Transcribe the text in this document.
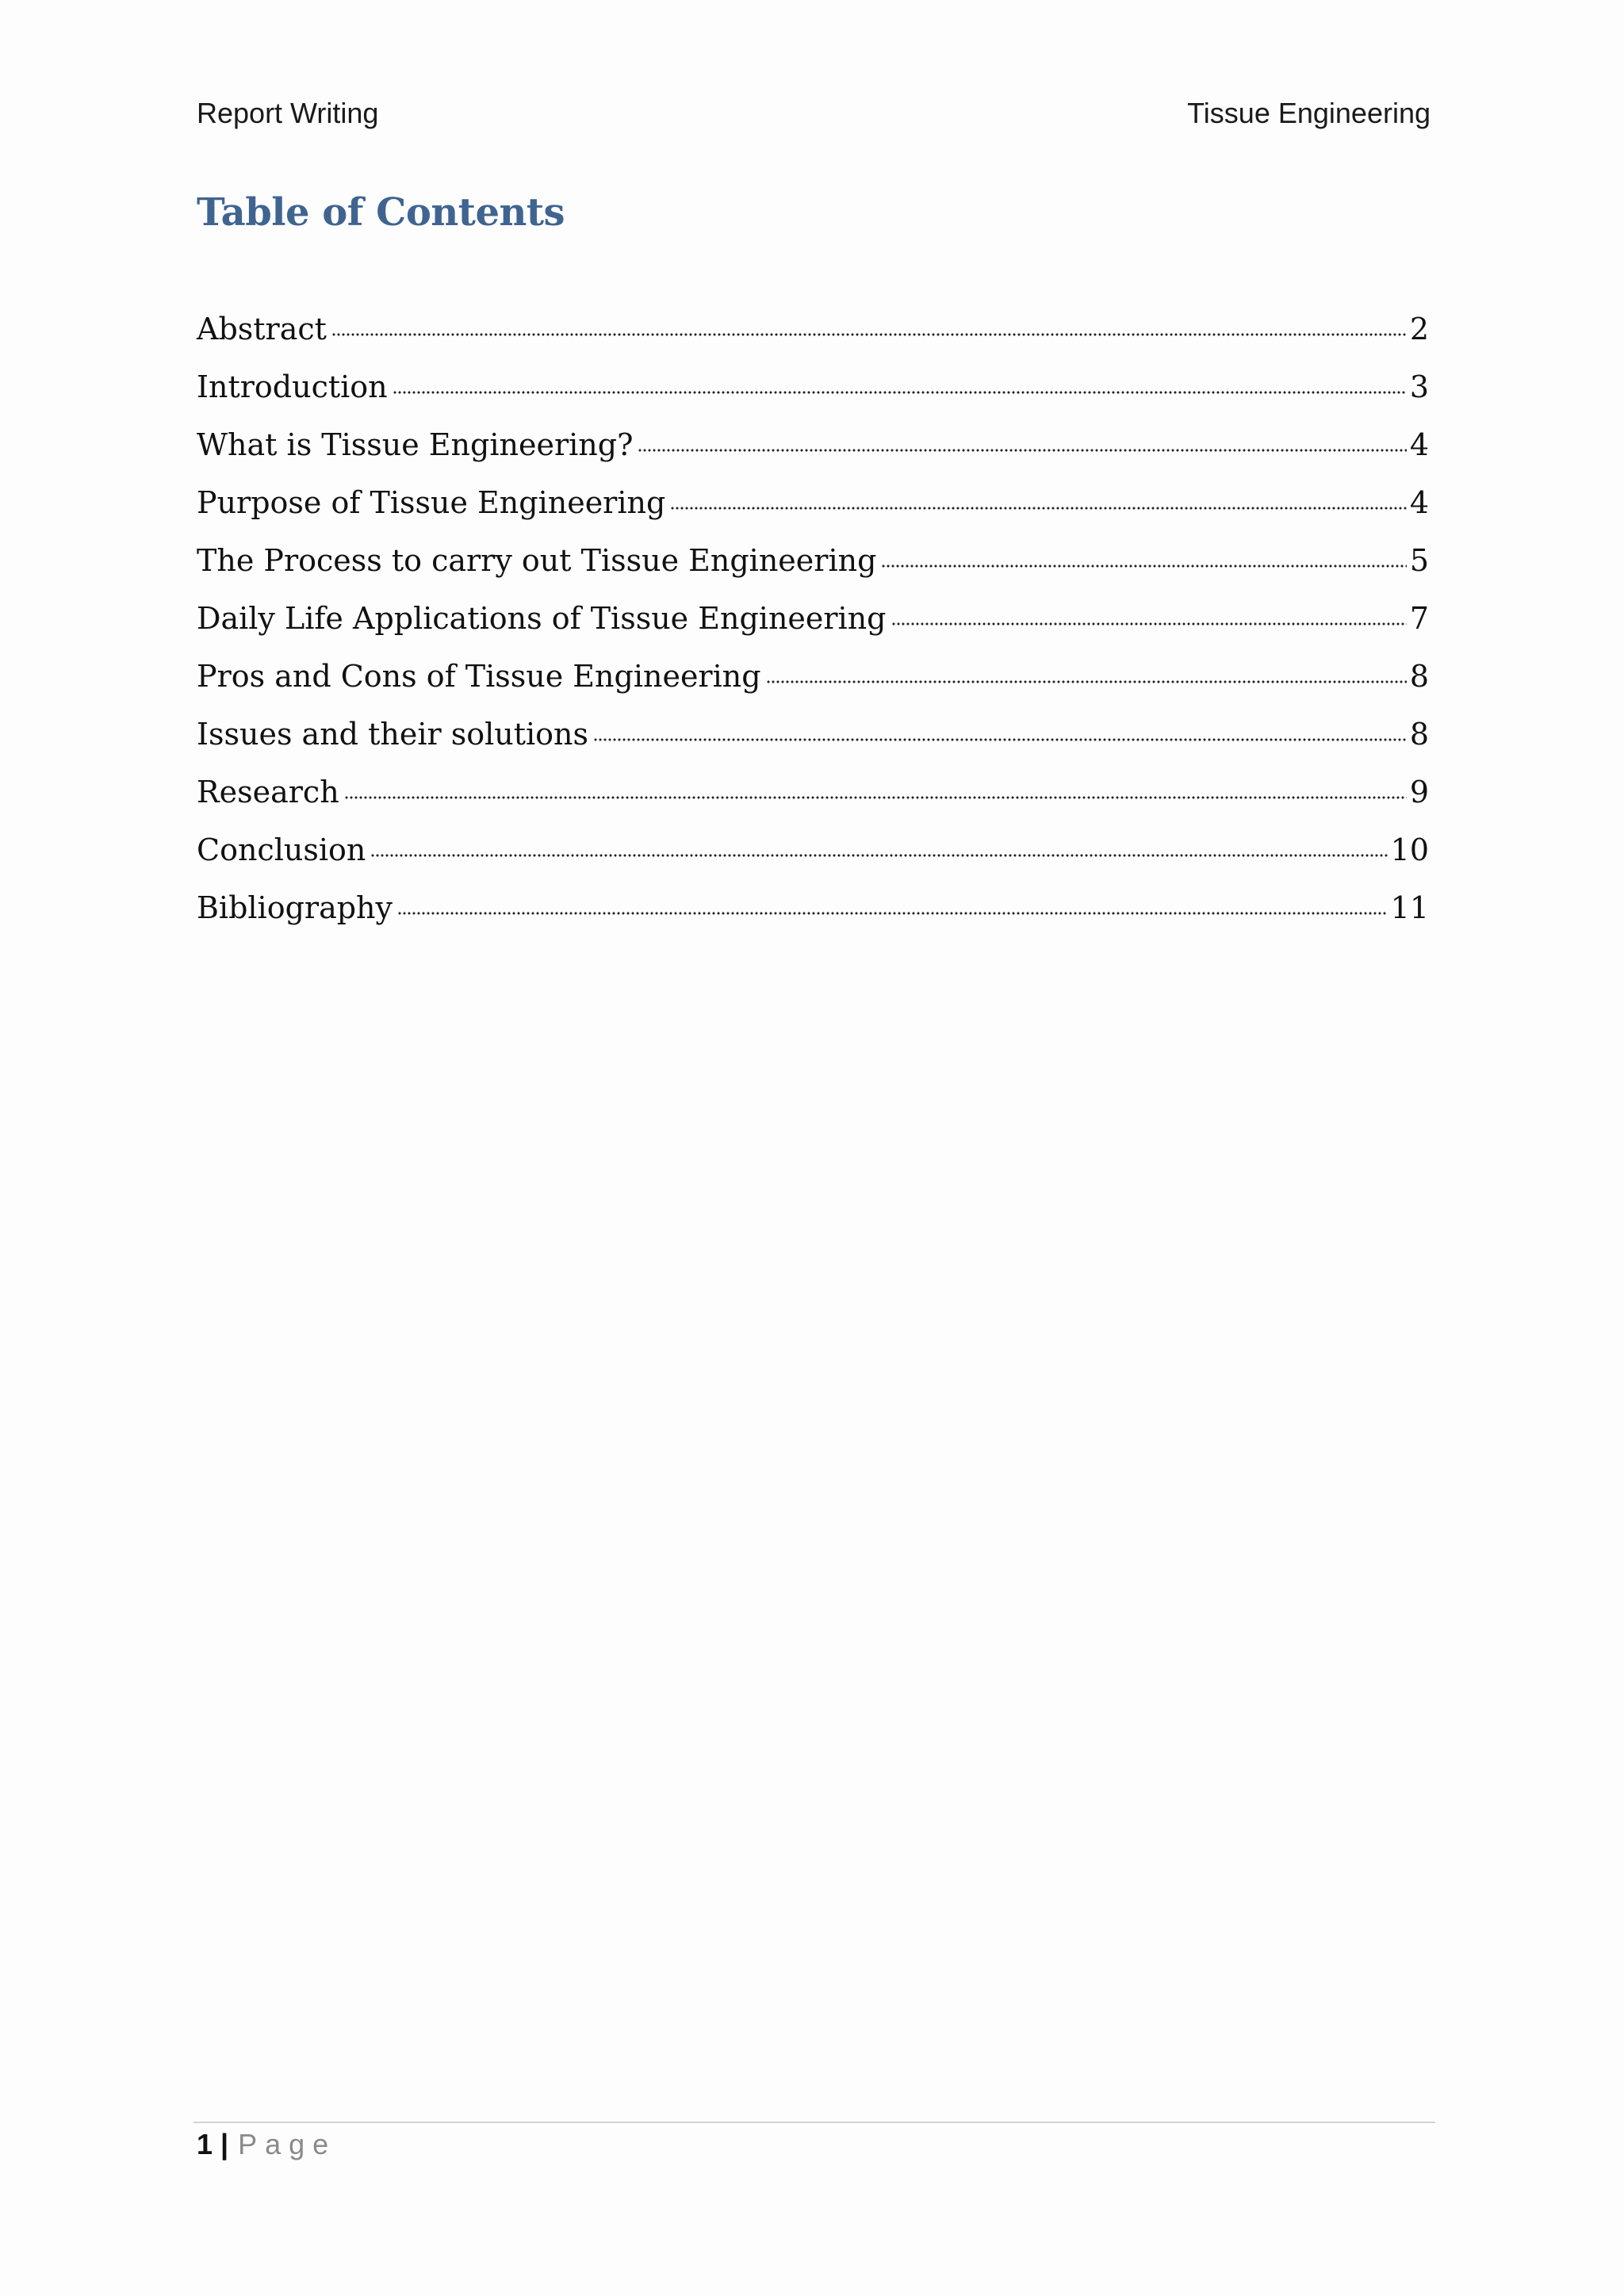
Report Writing	Tissue Engineering
Table of Contents
Abstract	2
Introduction	3
What is Tissue Engineering?	4
Purpose of Tissue Engineering	4
The Process to carry out Tissue Engineering	5
Daily Life Applications of Tissue Engineering	7
Pros and Cons of Tissue Engineering	8
Issues and their solutions	8
Research	9
Conclusion	10
Bibliography	11
1 | Page
